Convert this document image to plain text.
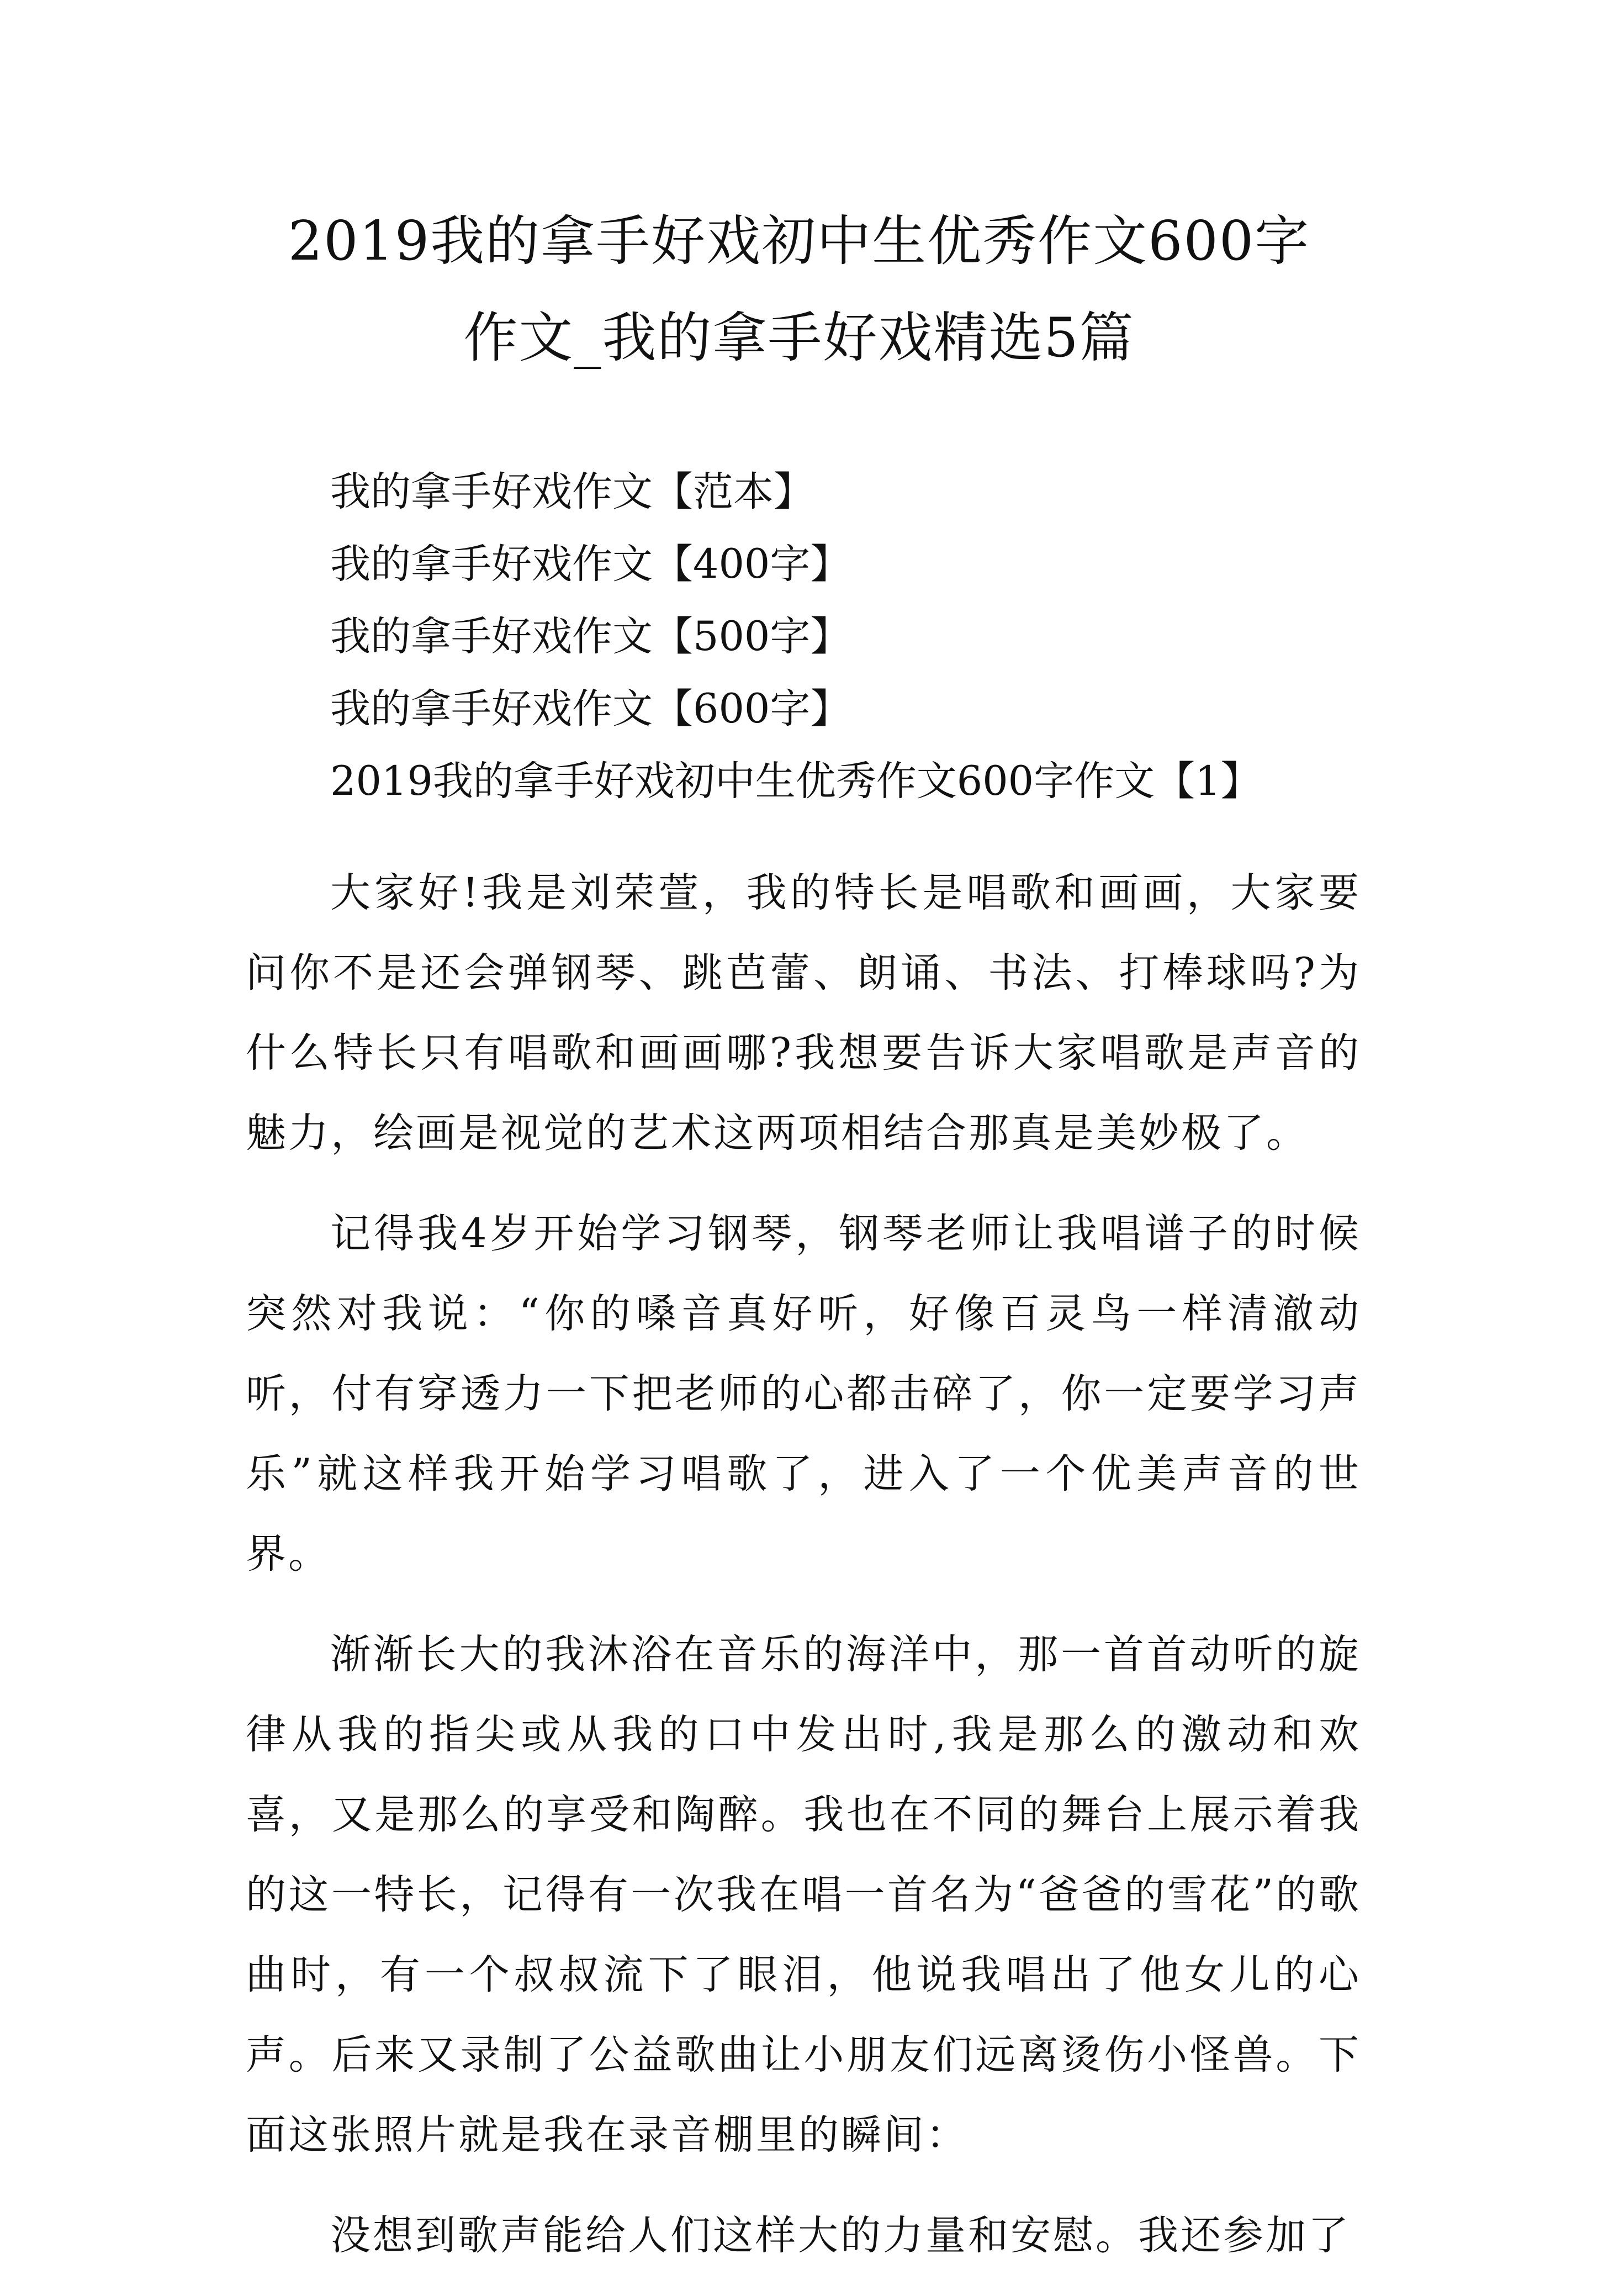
2019我的拿手好戏初中生优秀作文600字
作文_我的拿手好戏精选5篇
我的拿手好戏作文【范本】
我的拿手好戏作文【400字】
我的拿手好戏作文【500字】
我的拿手好戏作文【600字】
2019我的拿手好戏初中生优秀作文600字作文【1】

大家好!我是刘荣萱，我的特长是唱歌和画画，大家要问你不是还会弹钢琴、跳芭蕾、朗诵、书法、打棒球吗?为什么特长只有唱歌和画画哪?我想要告诉大家唱歌是声音的魅力，绘画是视觉的艺术这两项相结合那真是美妙极了。

记得我4岁开始学习钢琴，钢琴老师让我唱谱子的时候突然对我说：“你的嗓音真好听，好像百灵鸟一样清澈动听，付有穿透力一下把老师的心都击碎了，你一定要学习声乐”就这样我开始学习唱歌了，进入了一个优美声音的世界。

渐渐长大的我沐浴在音乐的海洋中，那一首首动听的旋律从我的指尖或从我的口中发出时,我是那么的激动和欢喜，又是那么的享受和陶醉。我也在不同的舞台上展示着我的这一特长，记得有一次我在唱一首名为“爸爸的雪花”的歌曲时，有一个叔叔流下了眼泪，他说我唱出了他女儿的心声。后来又录制了公益歌曲让小朋友们远离烫伤小怪兽。下面这张照片就是我在录音棚里的瞬间：

没想到歌声能给人们这样大的力量和安慰。我还参加了
